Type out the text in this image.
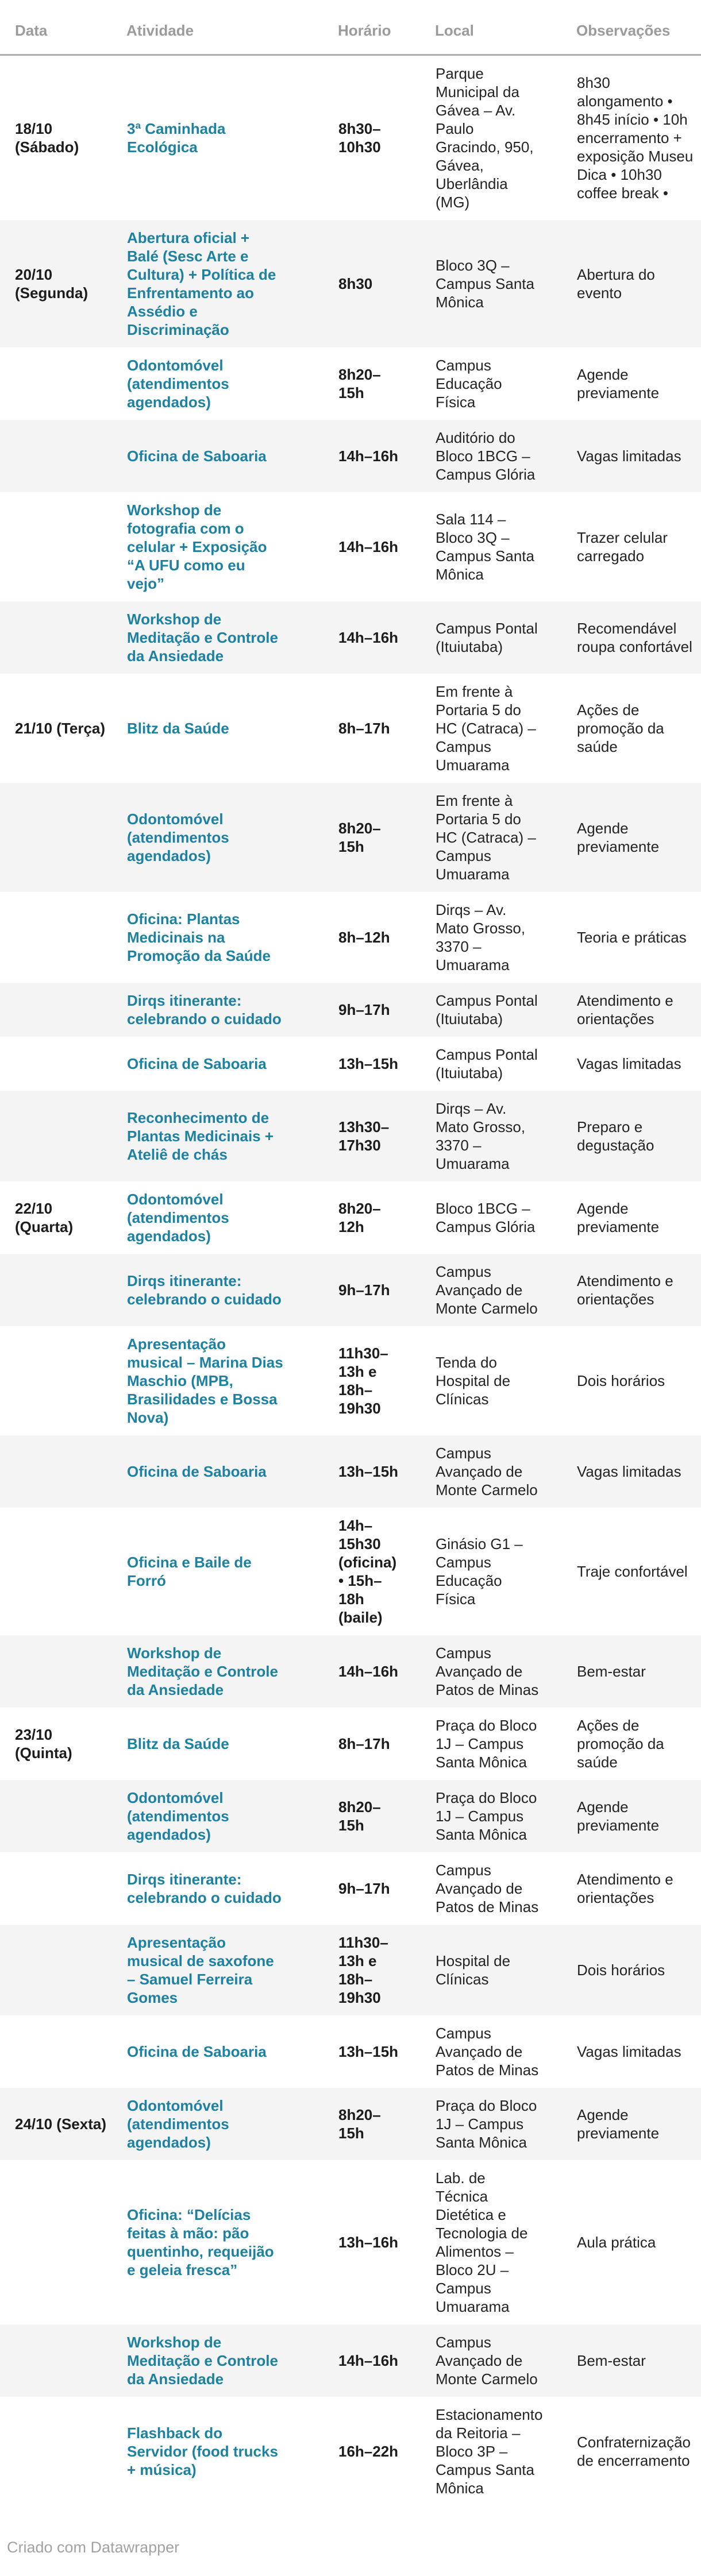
Data	Atividade	Horário	Local	Observações
18/10 (Sábado)	3ª Caminhada Ecológica	8h30–10h30	Parque Municipal da Gávea – Av. Paulo Gracindo, 950, Gávea, Uberlândia (MG)	8h30 alongamento • 8h45 início • 10h encerramento + exposição Museu Dica • 10h30 coffee break •
20/10 (Segunda)	Abertura oficial + Balé (Sesc Arte e Cultura) + Política de Enfrentamento ao Assédio e Discriminação	8h30	Bloco 3Q – Campus Santa Mônica	Abertura do evento
	Odontomóvel (atendimentos agendados)	8h20–15h	Campus Educação Física	Agende previamente
	Oficina de Saboaria	14h–16h	Auditório do Bloco 1BCG – Campus Glória	Vagas limitadas
	Workshop de fotografia com o celular + Exposição “A UFU como eu vejo”	14h–16h	Sala 114 – Bloco 3Q – Campus Santa Mônica	Trazer celular carregado
	Workshop de Meditação e Controle da Ansiedade	14h–16h	Campus Pontal (Ituiutaba)	Recomendável roupa confortável
21/10 (Terça)	Blitz da Saúde	8h–17h	Em frente à Portaria 5 do HC (Catraca) – Campus Umuarama	Ações de promoção da saúde
	Odontomóvel (atendimentos agendados)	8h20–15h	Em frente à Portaria 5 do HC (Catraca) – Campus Umuarama	Agende previamente
	Oficina: Plantas Medicinais na Promoção da Saúde	8h–12h	Dirqs – Av. Mato Grosso, 3370 – Umuarama	Teoria e práticas
	Dirqs itinerante: celebrando o cuidado	9h–17h	Campus Pontal (Ituiutaba)	Atendimento e orientações
	Oficina de Saboaria	13h–15h	Campus Pontal (Ituiutaba)	Vagas limitadas
	Reconhecimento de Plantas Medicinais + Ateliê de chás	13h30–17h30	Dirqs – Av. Mato Grosso, 3370 – Umuarama	Preparo e degustação
22/10 (Quarta)	Odontomóvel (atendimentos agendados)	8h20–12h	Bloco 1BCG – Campus Glória	Agende previamente
	Dirqs itinerante: celebrando o cuidado	9h–17h	Campus Avançado de Monte Carmelo	Atendimento e orientações
	Apresentação musical – Marina Dias Maschio (MPB, Brasilidades e Bossa Nova)	11h30–13h e 18h–19h30	Tenda do Hospital de Clínicas	Dois horários
	Oficina de Saboaria	13h–15h	Campus Avançado de Monte Carmelo	Vagas limitadas
	Oficina e Baile de Forró	14h–15h30 (oficina) • 15h–18h (baile)	Ginásio G1 – Campus Educação Física	Traje confortável
	Workshop de Meditação e Controle da Ansiedade	14h–16h	Campus Avançado de Patos de Minas	Bem-estar
23/10 (Quinta)	Blitz da Saúde	8h–17h	Praça do Bloco 1J – Campus Santa Mônica	Ações de promoção da saúde
	Odontomóvel (atendimentos agendados)	8h20–15h	Praça do Bloco 1J – Campus Santa Mônica	Agende previamente
	Dirqs itinerante: celebrando o cuidado	9h–17h	Campus Avançado de Patos de Minas	Atendimento e orientações
	Apresentação musical de saxofone – Samuel Ferreira Gomes	11h30–13h e 18h–19h30	Hospital de Clínicas	Dois horários
	Oficina de Saboaria	13h–15h	Campus Avançado de Patos de Minas	Vagas limitadas
24/10 (Sexta)	Odontomóvel (atendimentos agendados)	8h20–15h	Praça do Bloco 1J – Campus Santa Mônica	Agende previamente
	Oficina: “Delícias feitas à mão: pão quentinho, requeijão e geleia fresca”	13h–16h	Lab. de Técnica Dietética e Tecnologia de Alimentos – Bloco 2U – Campus Umuarama	Aula prática
	Workshop de Meditação e Controle da Ansiedade	14h–16h	Campus Avançado de Monte Carmelo	Bem-estar
	Flashback do Servidor (food trucks + música)	16h–22h	Estacionamento da Reitoria – Bloco 3P – Campus Santa Mônica	Confraternização de encerramento
Criado com Datawrapper
